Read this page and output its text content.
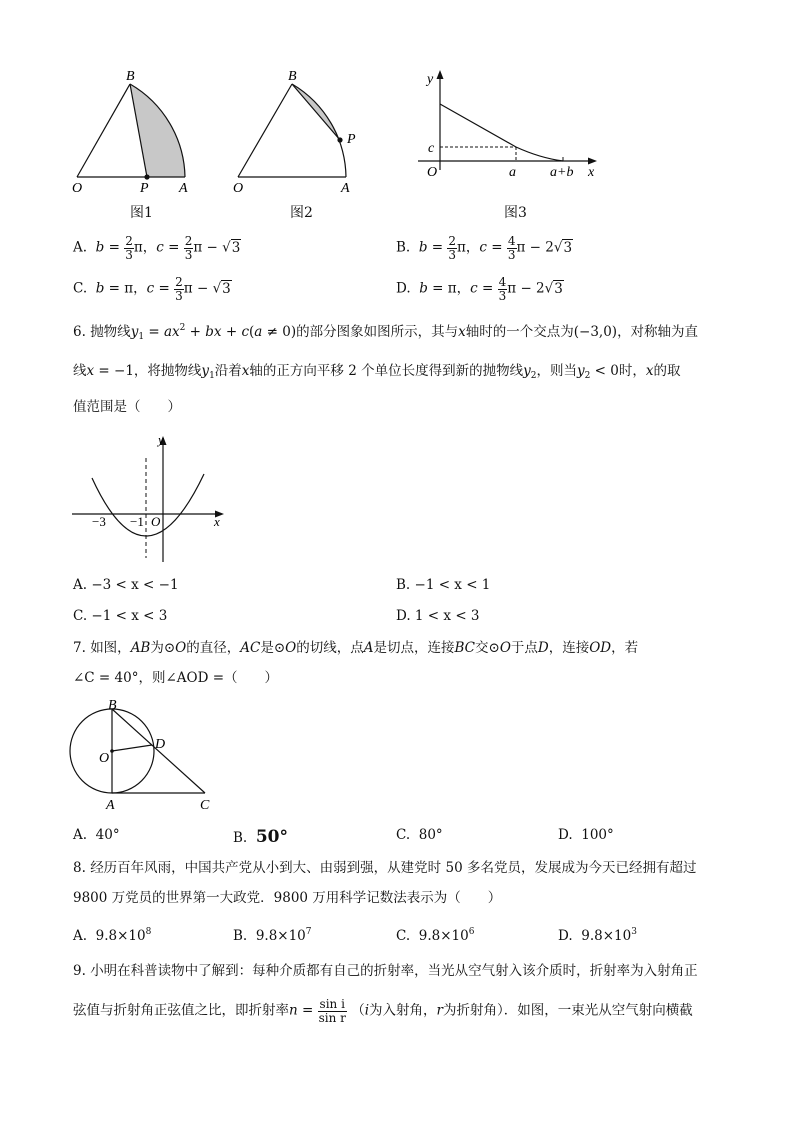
B
O	P A
B
O	A
P
y
c
O	a a+b x
图1	图2	图3
A. $b = \frac{2}{3}$ π，$c = \frac{2}{3}$ π − √3	B. $b = \frac{2}{3}$ π，$c = \frac{4}{3}$ π − 2√3
C. b = π，$c = \frac{2}{3}$ π − √3	D. b = π，$c = \frac{4}{3}$ π − 2√3
6. 抛物线$y_1 = ax^2$ + bx + c(a ≠ 0)的部分图象如图所示，其与x轴时的一个交点为(−3,0)，对称轴为直
线x = −1，将抛物线$y_1$沿着x轴的正方向平移 2 个单位长度得到新的抛物线$y_2$，则当$y_2 < 0$时，x的取
值范围是（　　）
y
x
−3 −1 O
A. −3 < x < −1	B. −1 < x < 1
C. −1 < x < 3	D. 1 < x < 3
7. 如图，AB为⊙O的直径，AC是⊙O的切线，点A是切点，连接BC交⊙O于点D，连接OD，若
∠C = 40°，则∠AOD =（　　）
B
D
O
A	C
A. 40°	B. 50°	C. 80°	D. 100°
8. 经历百年风雨，中国共产党从小到大、由弱到强，从建党时 50 多名党员，发展成为今天已经拥有超过
9800 万党员的世界第一大政党．9800 万用科学记数法表示为（　　）
A. $9.8\times 10^8$	B. $9.8\times 10^7$	C. $9.8\times 10^6$	D. $9.8\times 10^3$
9. 小明在科普读物中了解到：每种介质都有自己的折射率，当光从空气射入该介质时，折射率为入射角正
弦值与折射角正弦值之比，即折射率$n = \frac{\text{sin i}}{\text{sin r}} (i$为入射角，r为折射角）．如图，一束光从空气射向横截
